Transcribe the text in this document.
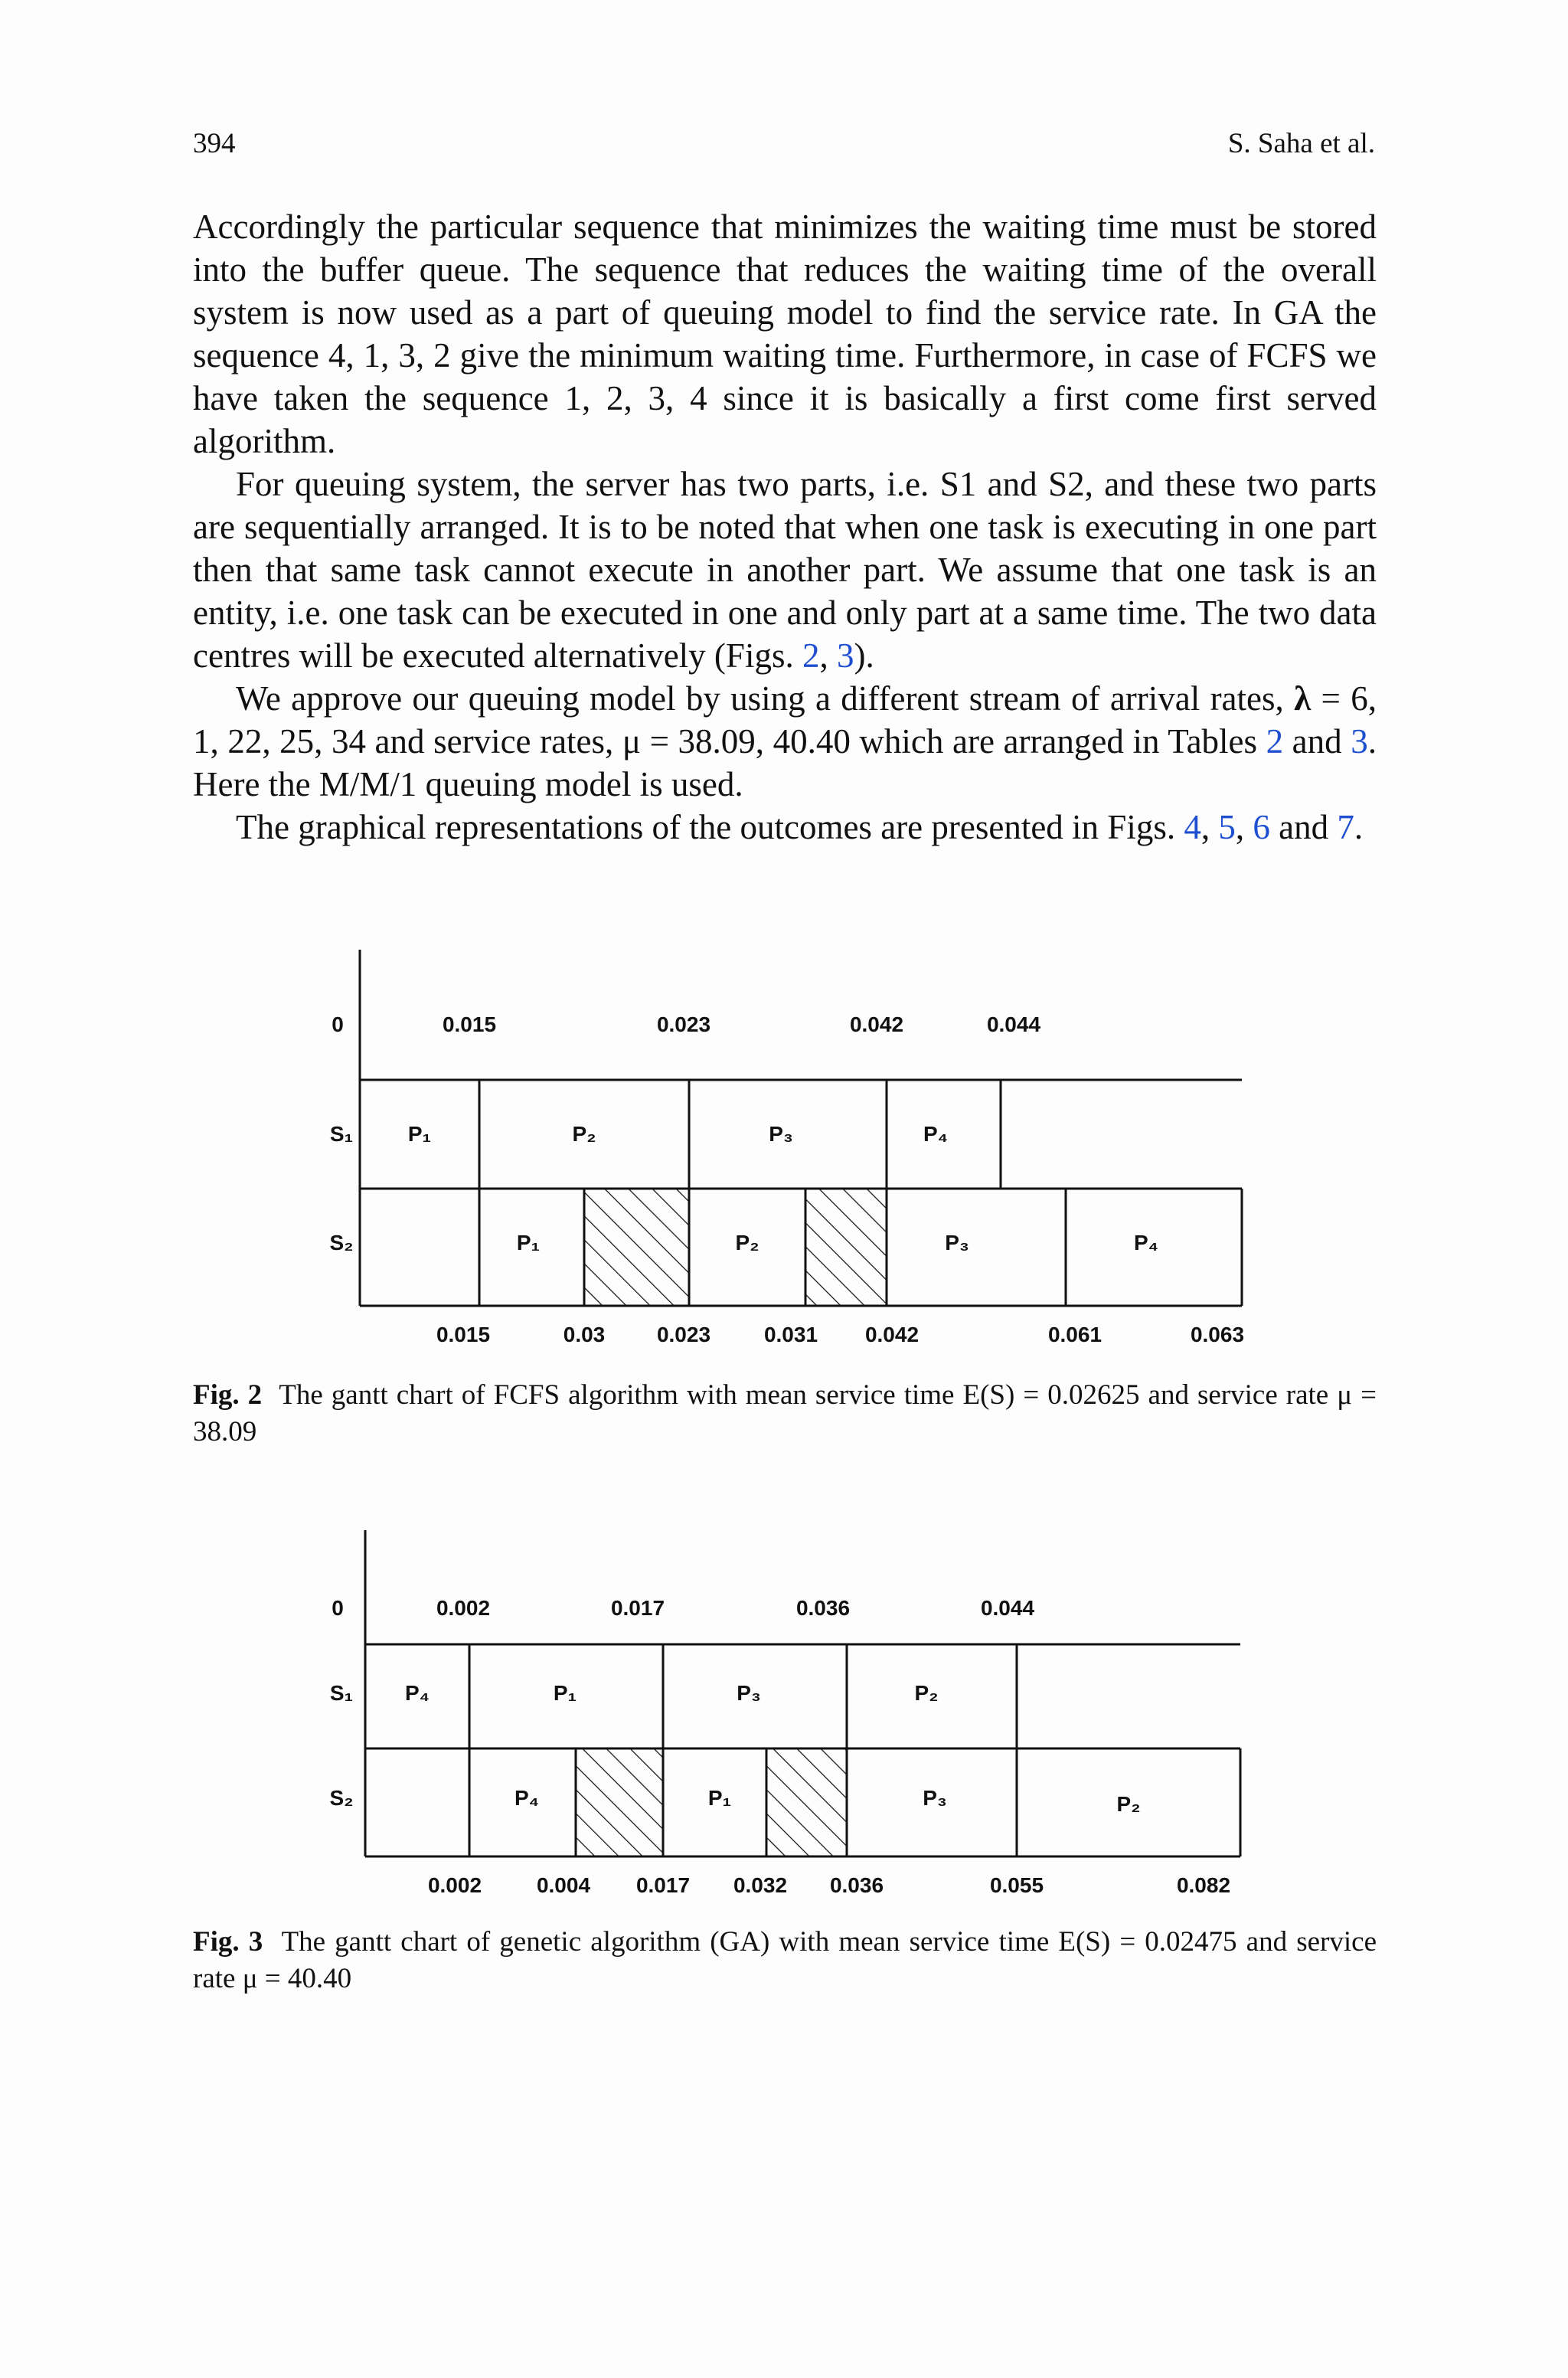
394	S. Saha et al.

Accordingly the particular sequence that minimizes the waiting time must be stored into the buffer queue. The sequence that reduces the waiting time of the overall system is now used as a part of queuing model to find the service rate. In GA the sequence 4, 1, 3, 2 give the minimum waiting time. Furthermore, in case of FCFS we have taken the sequence 1, 2, 3, 4 since it is basically a first come first served algorithm.

For queuing system, the server has two parts, i.e. S1 and S2, and these two parts are sequentially arranged. It is to be noted that when one task is executing in one part then that same task cannot execute in another part. We assume that one task is an entity, i.e. one task can be executed in one and only part at a same time. The two data centres will be executed alternatively (Figs. 2, 3).

We approve our queuing model by using a different stream of arrival rates, λ = 6, 1, 22, 25, 34 and service rates, μ = 38.09, 40.40 which are arranged in Tables 2 and 3. Here the M/M/1 queuing model is used.

The graphical representations of the outcomes are presented in Figs. 4, 5, 6 and 7.

0	0.015	0.023	0.042	0.044
S₁
S₂
P₁	P₂	P₃	P₄
P₁	P₂	P₃	P₄
0.015	0.03 0.023 0.031 0.042	0.061	0.063
Fig. 2 The gantt chart of FCFS algorithm with mean service time E(S) = 0.02625 and service rate μ = 38.09
0	0.002	0.017	0.036	0.044
S₁
S₂
P₄	P₁	P₃	P₂
P₄	P₁	P₃	P₂
0.002	0.004 0.017 0.032 0.036	0.055	0.082
Fig. 3 The gantt chart of genetic algorithm (GA) with mean service time E(S) = 0.02475 and service rate μ = 40.40
